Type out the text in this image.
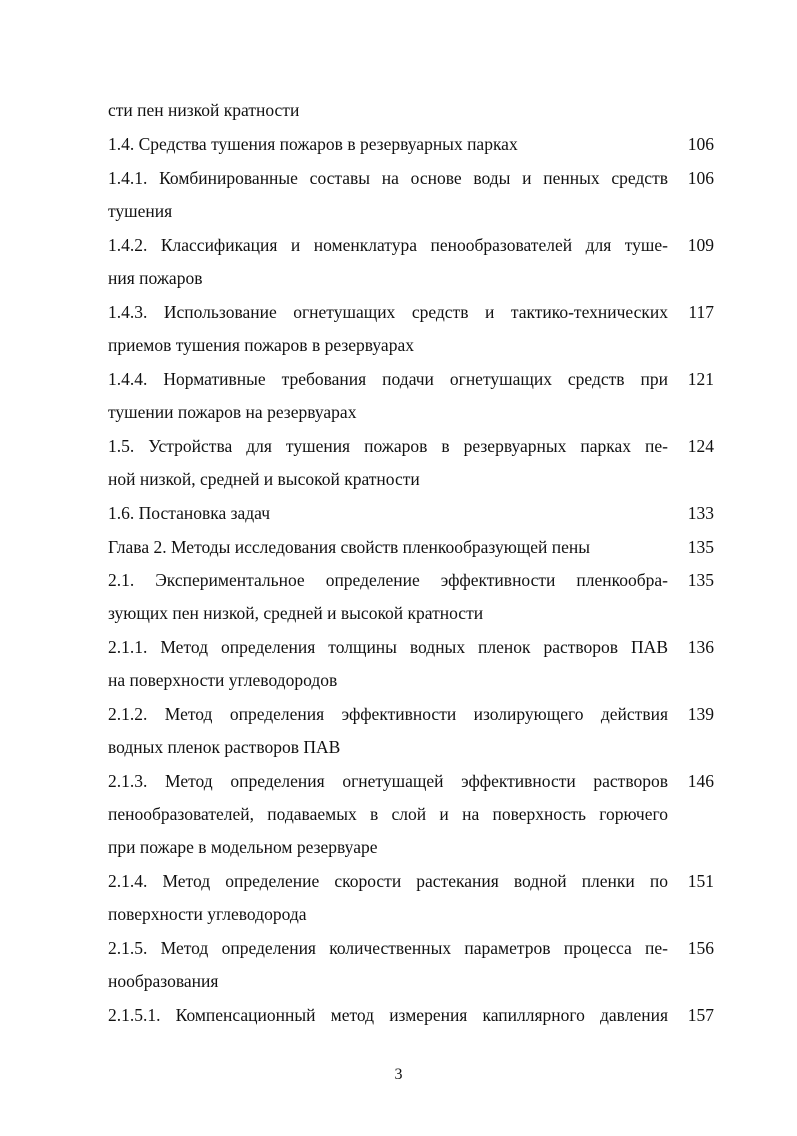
сти пен низкой кратности
1.4. Средства тушения пожаров в резервуарных парках	106
1.4.1. Комбинированные составы на основе воды и пенных средств	106
тушения
1.4.2. Классификация и номенклатура пенообразователей для туше-	109
ния пожаров
1.4.3. Использование огнетушащих средств и тактико-технических	117
приемов тушения пожаров в резервуарах
1.4.4. Нормативные требования подачи огнетушащих средств при	121
тушении пожаров на резервуарах
1.5. Устройства для тушения пожаров в резервуарных парках пе-	124
ной низкой, средней и высокой кратности
1.6. Постановка задач	133
Глава 2. Методы исследования свойств пленкообразующей пены	135
2.1. Экспериментальное определение эффективности пленкообра-	135
зующих пен низкой, средней и высокой кратности
2.1.1. Метод определения толщины водных пленок растворов ПАВ	136
на поверхности углеводородов
2.1.2. Метод определения эффективности изолирующего действия	139
водных пленок растворов ПАВ
2.1.3. Метод определения огнетушащей эффективности растворов	146
пенообразователей, подаваемых в слой и на поверхность горючего
при пожаре в модельном резервуаре
2.1.4. Метод определение скорости растекания водной пленки по	151
поверхности углеводорода
2.1.5. Метод определения количественных параметров процесса пе-	156
нообразования
2.1.5.1. Компенсационный метод измерения капиллярного давления	157
3
